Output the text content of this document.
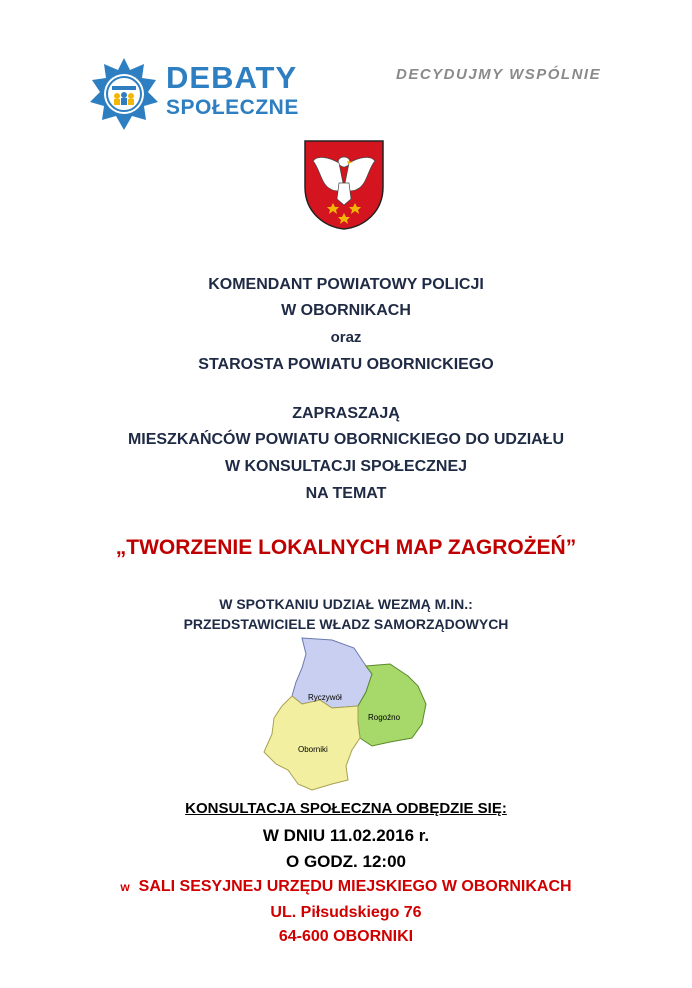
DEBATY
SPOŁECZNE
DECYDUJMY WSPÓLNIE
KOMENDANT POWIATOWY POLICJI
W OBORNIKACH
oraz
STAROSTA POWIATU OBORNICKIEGO
ZAPRASZAJĄ
MIESZKAŃCÓW POWIATU OBORNICKIEGO DO UDZIAŁU
W KONSULTACJI SPOŁECZNEJ
NA TEMAT
„TWORZENIE LOKALNYCH MAP ZAGROŻEŃ”
W SPOTKANIU UDZIAŁ WEZMĄ M.IN.:
PRZEDSTAWICIELE WŁADZ SAMORZĄDOWYCH
Ryczywół
Rogoźno
Oborniki
KONSULTACJA SPOŁECZNA ODBĘDZIE SIĘ:
W DNIU 11.02.2016 r.
O GODZ. 12:00
w SALI SESYJNEJ URZĘDU MIEJSKIEGO W OBORNIKACH
UL. Piłsudskiego 76
64-600 OBORNIKI
